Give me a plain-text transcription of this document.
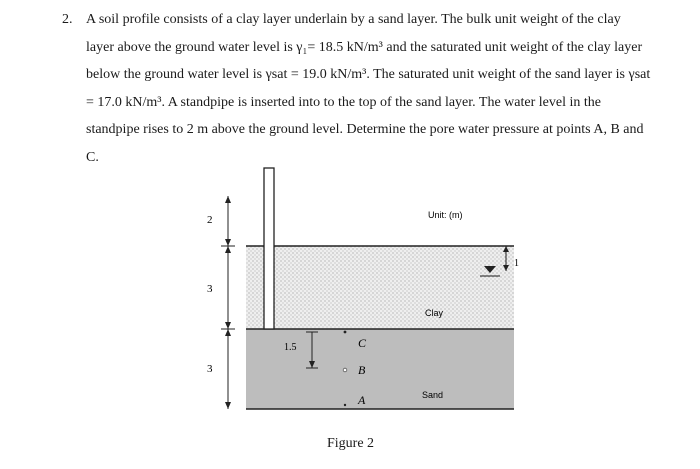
2. A soil profile consists of a clay layer underlain by a sand layer. The bulk unit weight of the clay
layer above the ground water level is γ₁= 18.5 kN/m³ and the saturated unit weight of the clay layer
below the ground water level is γsat = 19.0 kN/m³. The saturated unit weight of the sand layer is γsat
= 17.0 kN/m³. A standpipe is inserted into to the top of the sand layer. The water level in the
standpipe rises to 2 m above the ground level. Determine the pore water pressure at points A, B and
C.
2
3
3
Unit: (m)
1
Clay
Sand
1.5	C
B
A
Figure 2
